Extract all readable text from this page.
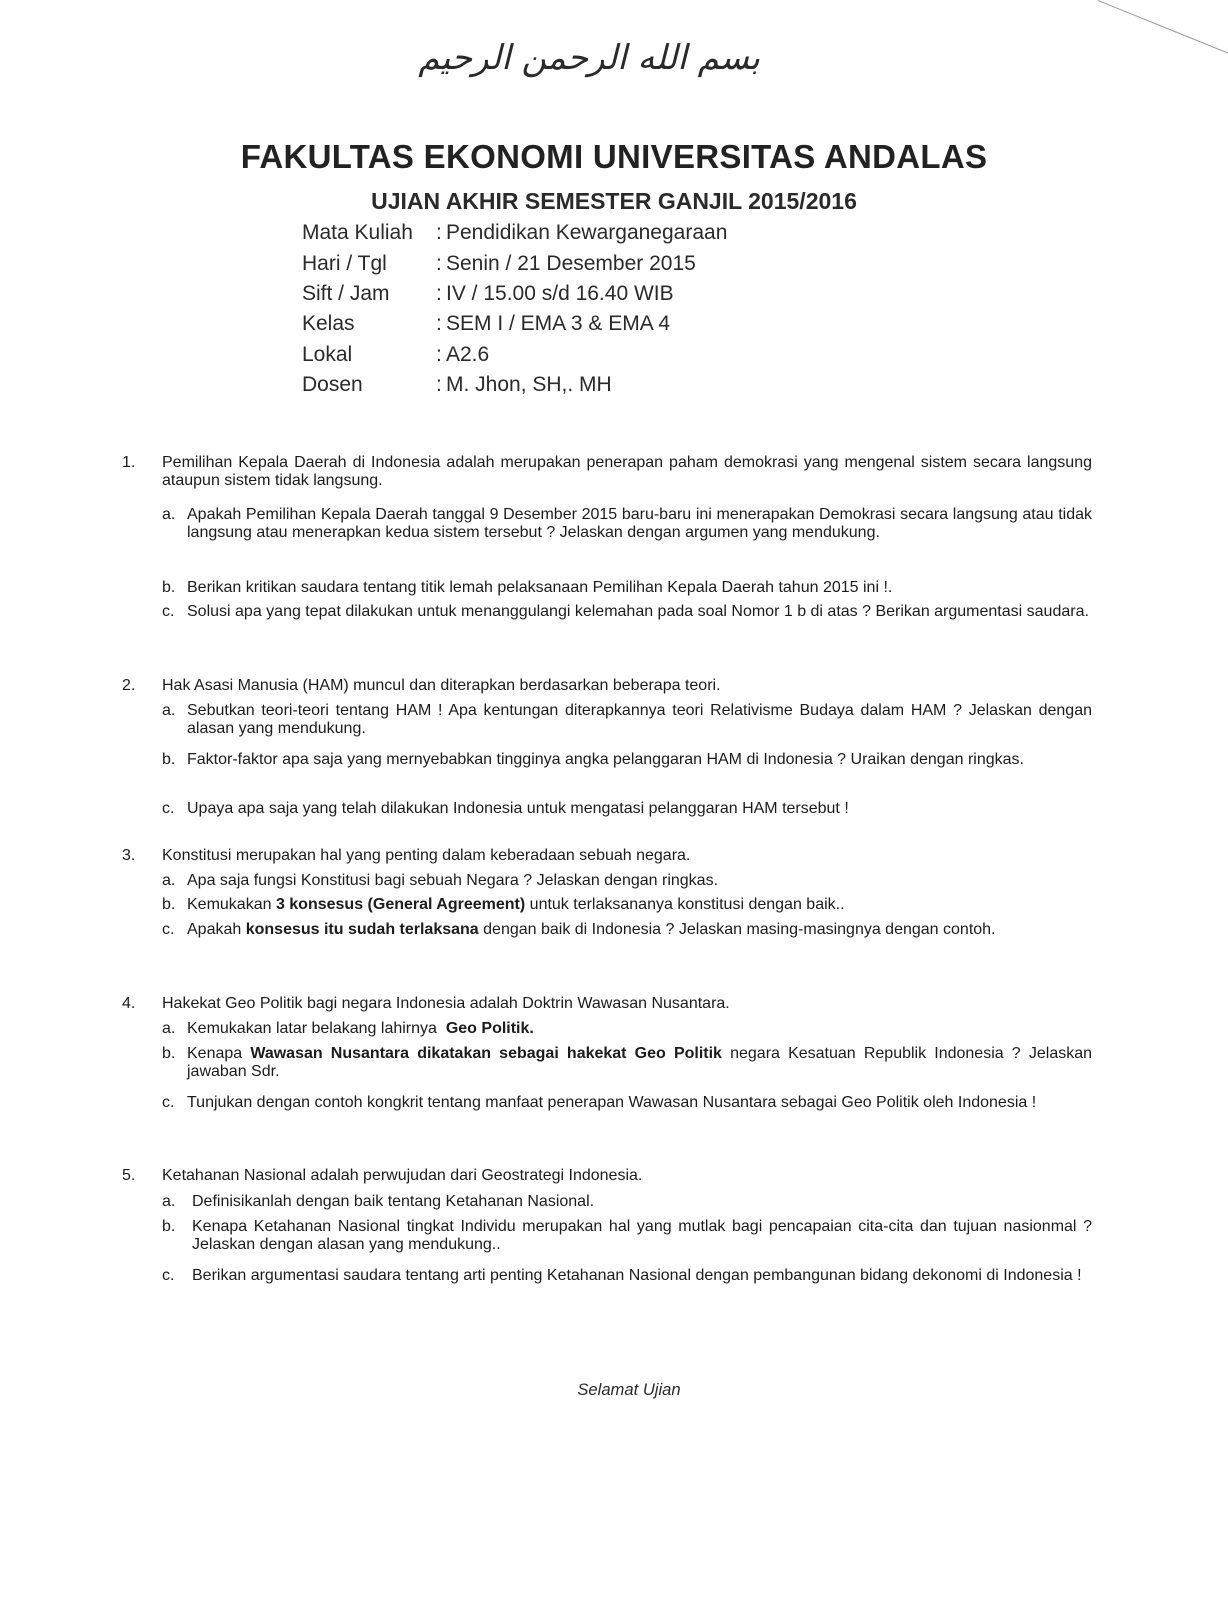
بسم الله الرحمن الرحيم
FAKULTAS EKONOMI UNIVERSITAS ANDALAS
UJIAN AKHIR SEMESTER GANJIL 2015/2016
Mata Kuliah	: Pendidikan Kewarganegaraan
Hari / Tgl	: Senin / 21 Desember 2015
Sift / Jam	: IV / 15.00 s/d 16.40 WIB
Kelas	: SEM I / EMA 3 & EMA 4
Lokal	: A2.6
Dosen	: M. Jhon, SH,. MH
1. Pemilihan Kepala Daerah di Indonesia adalah merupakan penerapan paham demokrasi yang mengenal sistem secara langsung ataupun sistem tidak langsung.
a. Apakah Pemilihan Kepala Daerah tanggal 9 Desember 2015 baru-baru ini menerapakan Demokrasi secara langsung atau tidak langsung atau menerapkan kedua sistem tersebut ? Jelaskan dengan argumen yang mendukung.
b. Berikan kritikan saudara tentang titik lemah pelaksanaan Pemilihan Kepala Daerah tahun 2015 ini !.
c. Solusi apa yang tepat dilakukan untuk menanggulangi kelemahan pada soal Nomor 1 b di atas ? Berikan argumentasi saudara.
2. Hak Asasi Manusia (HAM) muncul dan diterapkan berdasarkan beberapa teori.
a. Sebutkan teori-teori tentang HAM ! Apa kentungan diterapkannya teori Relativisme Budaya dalam HAM ? Jelaskan dengan alasan yang mendukung.
b. Faktor-faktor apa saja yang mernyebabkan tingginya angka pelanggaran HAM di Indonesia ? Uraikan dengan ringkas.
c. Upaya apa saja yang telah dilakukan Indonesia untuk mengatasi pelanggaran HAM tersebut !
3. Konstitusi merupakan hal yang penting dalam keberadaan sebuah negara.
a. Apa saja fungsi Konstitusi bagi sebuah Negara ? Jelaskan dengan ringkas.
b. Kemukakan 3 konsesus (General Agreement) untuk terlaksananya konstitusi dengan baik..
c. Apakah konsesus itu sudah terlaksana dengan baik di Indonesia ? Jelaskan masing-masingnya dengan contoh.
4. Hakekat Geo Politik bagi negara Indonesia adalah Doktrin Wawasan Nusantara.
a. Kemukakan latar belakang lahirnya  Geo Politik.
b. Kenapa Wawasan Nusantara dikatakan sebagai hakekat Geo Politik negara Kesatuan Republik Indonesia ? Jelaskan jawaban Sdr.
c. Tunjukan dengan contoh kongkrit tentang manfaat penerapan Wawasan Nusantara sebagai Geo Politik oleh Indonesia !
5. Ketahanan Nasional adalah perwujudan dari Geostrategi Indonesia.
a. Definisikanlah dengan baik tentang Ketahanan Nasional.
b. Kenapa Ketahanan Nasional tingkat Individu merupakan hal yang mutlak bagi pencapaian cita-cita dan tujuan nasionmal ? Jelaskan dengan alasan yang mendukung..
c. Berikan argumentasi saudara tentang arti penting Ketahanan Nasional dengan pembangunan bidang dekonomi di Indonesia !
Selamat Ujian
